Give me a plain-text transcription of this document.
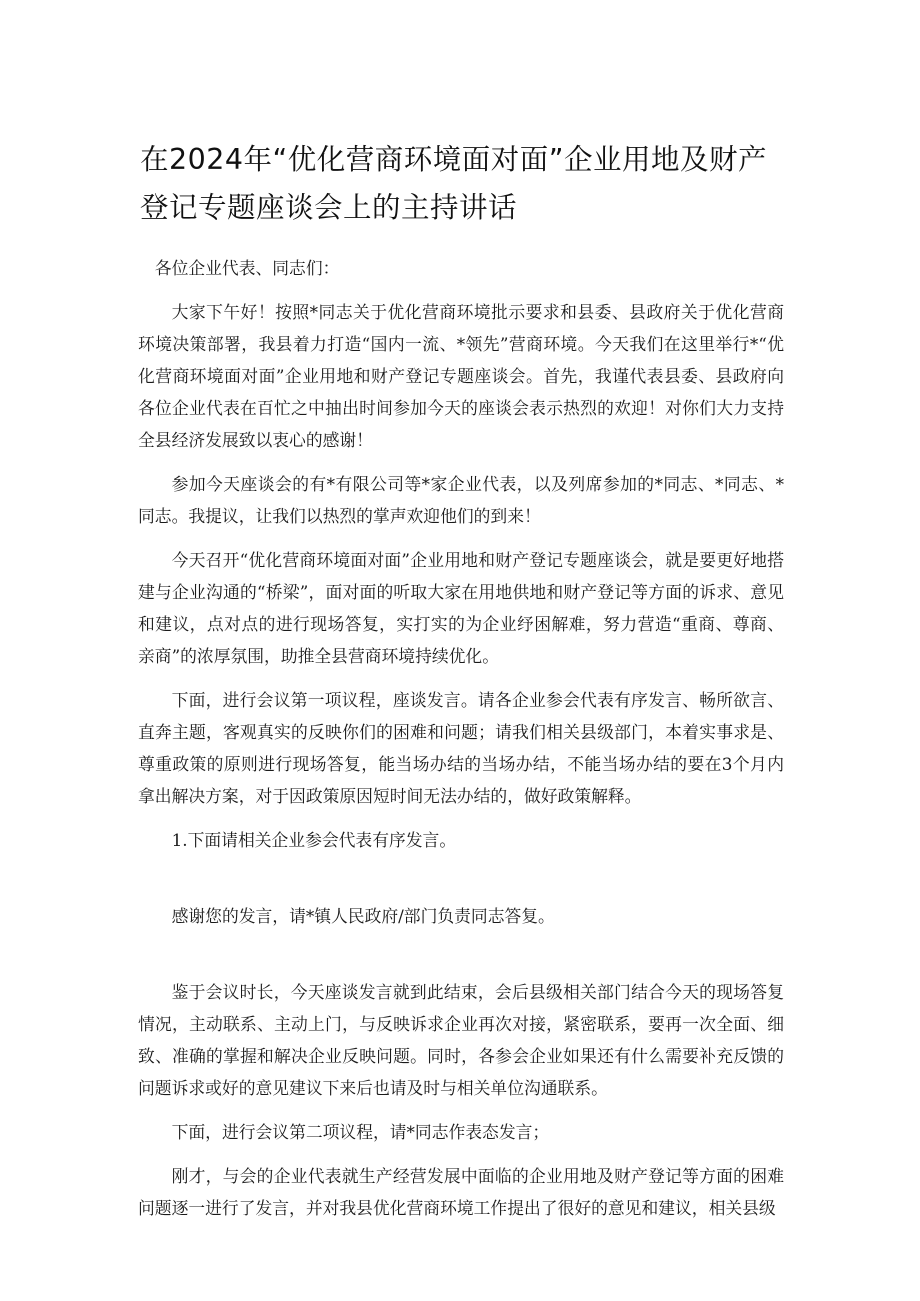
在2024年“优化营商环境面对面”企业用地及财产
登记专题座谈会上的主持讲话

各位企业代表、同志们：

大家下午好！按照*同志关于优化营商环境批示要求和县委、县政府关于优化营商环境决策部署，我县着力打造“国内一流、*领先”营商环境。今天我们在这里举行*“优化营商环境面对面”企业用地和财产登记专题座谈会。首先，我谨代表县委、县政府向各位企业代表在百忙之中抽出时间参加今天的座谈会表示热烈的欢迎！对你们大力支持全县经济发展致以衷心的感谢！

参加今天座谈会的有*有限公司等*家企业代表，以及列席参加的*同志、*同志、*同志。我提议，让我们以热烈的掌声欢迎他们的到来！

今天召开“优化营商环境面对面”企业用地和财产登记专题座谈会，就是要更好地搭建与企业沟通的“桥梁”，面对面的听取大家在用地供地和财产登记等方面的诉求、意见和建议，点对点的进行现场答复，实打实的为企业纾困解难，努力营造“重商、尊商、亲商”的浓厚氛围，助推全县营商环境持续优化。

下面，进行会议第一项议程，座谈发言。请各企业参会代表有序发言、畅所欲言、直奔主题，客观真实的反映你们的困难和问题；请我们相关县级部门，本着实事求是、尊重政策的原则进行现场答复，能当场办结的当场办结，不能当场办结的要在3个月内拿出解决方案，对于因政策原因短时间无法办结的，做好政策解释。

1.下面请相关企业参会代表有序发言。

感谢您的发言，请*镇人民政府/部门负责同志答复。

鉴于会议时长，今天座谈发言就到此结束，会后县级相关部门结合今天的现场答复情况，主动联系、主动上门，与反映诉求企业再次对接，紧密联系，要再一次全面、细致、准确的掌握和解决企业反映问题。同时，各参会企业如果还有什么需要补充反馈的问题诉求或好的意见建议下来后也请及时与相关单位沟通联系。

下面，进行会议第二项议程，请*同志作表态发言；

刚才，与会的企业代表就生产经营发展中面临的企业用地及财产登记等方面的困难问题逐一进行了发言，并对我县优化营商环境工作提出了很好的意见和建议，相关县级
